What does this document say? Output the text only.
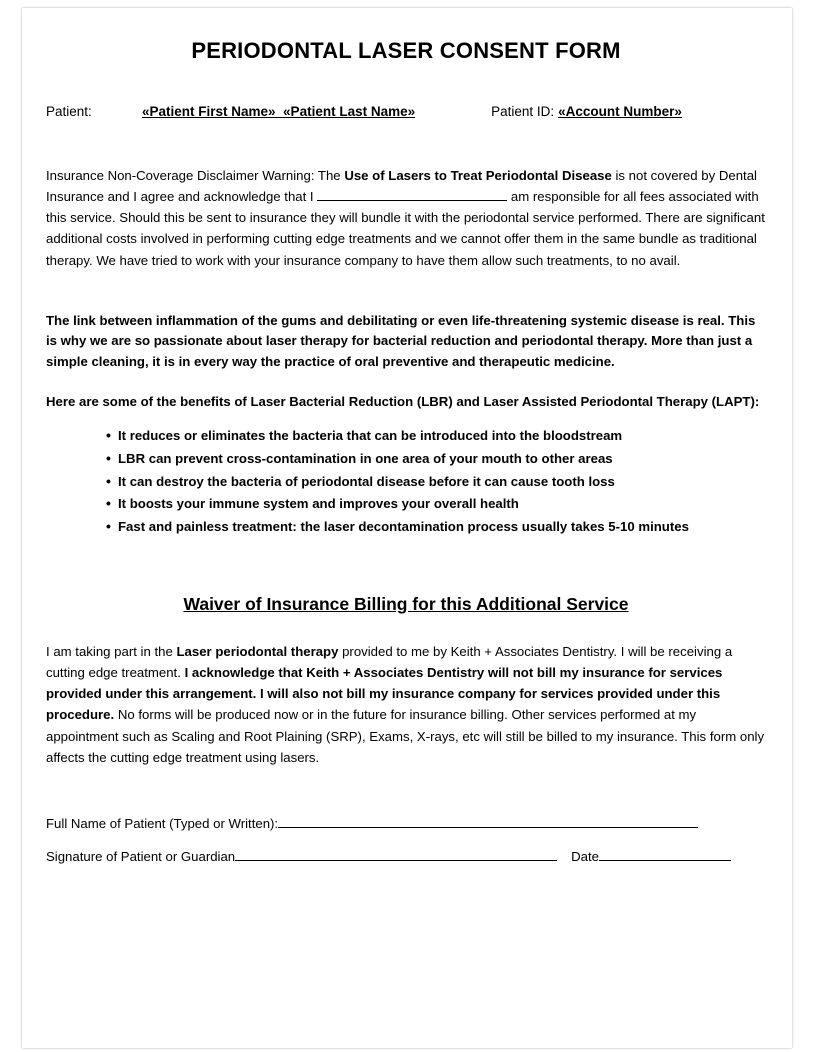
PERIODONTAL LASER CONSENT FORM
Patient:	«Patient First Name»  «Patient Last Name»	Patient ID: «Account Number»

Insurance Non-Coverage Disclaimer Warning: The Use of Lasers to Treat Periodontal Disease is not covered by Dental Insurance and I agree and acknowledge that I	am responsible for all fees associated with this service. Should this be sent to insurance they will bundle it with the periodontal service performed. There are significant additional costs involved in performing cutting edge treatments and we cannot offer them in the same bundle as traditional therapy. We have tried to work with your insurance company to have them allow such treatments, to no avail.

The link between inflammation of the gums and debilitating or even life-threatening systemic disease is real. This is why we are so passionate about laser therapy for bacterial reduction and periodontal therapy. More than just a simple cleaning, it is in every way the practice of oral preventive and therapeutic medicine.

Here are some of the benefits of Laser Bacterial Reduction (LBR) and Laser Assisted Periodontal Therapy (LAPT):

• It reduces or eliminates the bacteria that can be introduced into the bloodstream
• LBR can prevent cross-contamination in one area of your mouth to other areas
• It can destroy the bacteria of periodontal disease before it can cause tooth loss
• It boosts your immune system and improves your overall health
• Fast and painless treatment: the laser decontamination process usually takes 5-10 minutes
Waiver of Insurance Billing for this Additional Service

I am taking part in the Laser periodontal therapy provided to me by Keith + Associates Dentistry. I will be receiving a cutting edge treatment. I acknowledge that Keith + Associates Dentistry will not bill my insurance for services provided under this arrangement. I will also not bill my insurance company for services provided under this procedure. No forms will be produced now or in the future for insurance billing. Other services performed at my appointment such as Scaling and Root Plaining (SRP), Exams, X-rays, etc will still be billed to my insurance. This form only affects the cutting edge treatment using lasers.

Full Name of Patient (Typed or Written):
Signature of Patient or Guardian	Date
